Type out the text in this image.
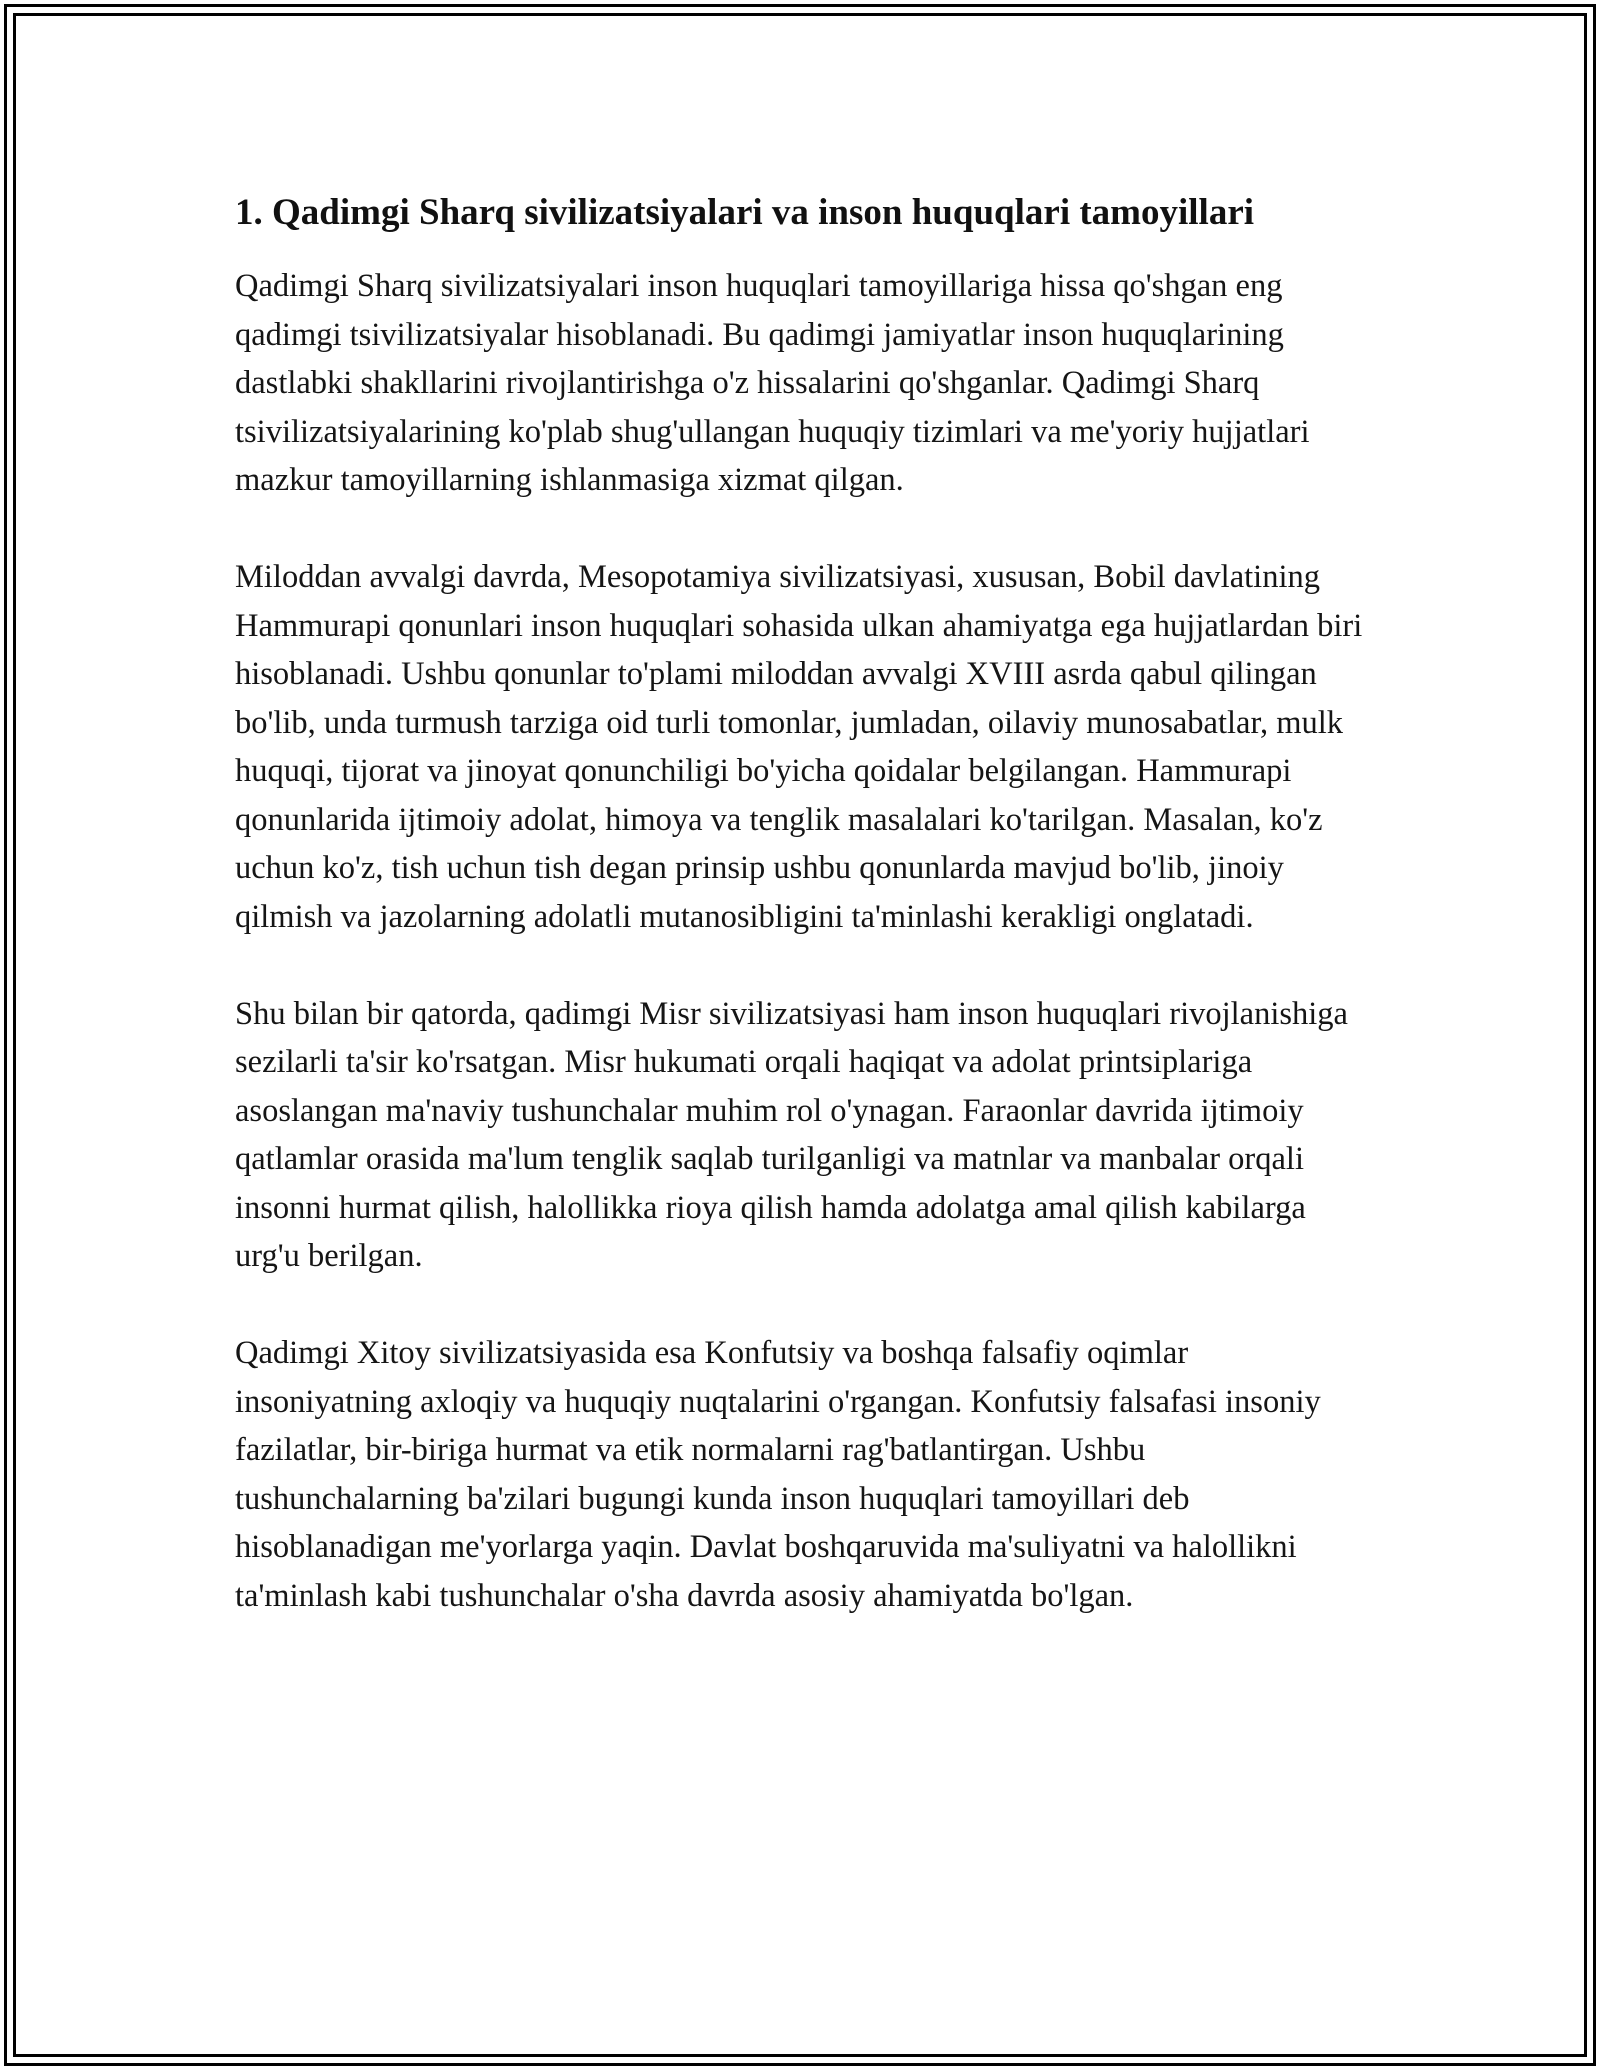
1. Qadimgi Sharq sivilizatsiyalari va inson huquqlari tamoyillari

Qadimgi Sharq sivilizatsiyalari inson huquqlari tamoyillariga hissa qo'shgan eng qadimgi tsivilizatsiyalar hisoblanadi. Bu qadimgi jamiyatlar inson huquqlarining dastlabki shakllarini rivojlantirishga o'z hissalarini qo'shganlar. Qadimgi Sharq tsivilizatsiyalarining ko'plab shug'ullangan huquqiy tizimlari va me'yoriy hujjatlari mazkur tamoyillarning ishlanmasiga xizmat qilgan.

Miloddan avvalgi davrda, Mesopotamiya sivilizatsiyasi, xususan, Bobil davlatining Hammurapi qonunlari inson huquqlari sohasida ulkan ahamiyatga ega hujjatlardan biri hisoblanadi. Ushbu qonunlar to'plami miloddan avvalgi XVIII asrda qabul qilingan bo'lib, unda turmush tarziga oid turli tomonlar, jumladan, oilaviy munosabatlar, mulk huquqi, tijorat va jinoyat qonunchiligi bo'yicha qoidalar belgilangan. Hammurapi qonunlarida ijtimoiy adolat, himoya va tenglik masalalari ko'tarilgan. Masalan, ko'z uchun ko'z, tish uchun tish degan prinsip ushbu qonunlarda mavjud bo'lib, jinoiy qilmish va jazolarning adolatli mutanosibligini ta'minlashi kerakligi onglatadi.

Shu bilan bir qatorda, qadimgi Misr sivilizatsiyasi ham inson huquqlari rivojlanishiga sezilarli ta'sir ko'rsatgan. Misr hukumati orqali haqiqat va adolat printsiplariga asoslangan ma'naviy tushunchalar muhim rol o'ynagan. Faraonlar davrida ijtimoiy qatlamlar orasida ma'lum tenglik saqlab turilganligi va matnlar va manbalar orqali insonni hurmat qilish, halollikka rioya qilish hamda adolatga amal qilish kabilarga urg'u berilgan.

Qadimgi Xitoy sivilizatsiyasida esa Konfutsiy va boshqa falsafiy oqimlar insoniyatning axloqiy va huquqiy nuqtalarini o'rgangan. Konfutsiy falsafasi insoniy fazilatlar, bir-biriga hurmat va etik normalarni rag'batlantirgan. Ushbu tushunchalarning ba'zilari bugungi kunda inson huquqlari tamoyillari deb hisoblanadigan me'yorlarga yaqin. Davlat boshqaruvida ma'suliyatni va halollikni ta'minlash kabi tushunchalar o'sha davrda asosiy ahamiyatda bo'lgan.
